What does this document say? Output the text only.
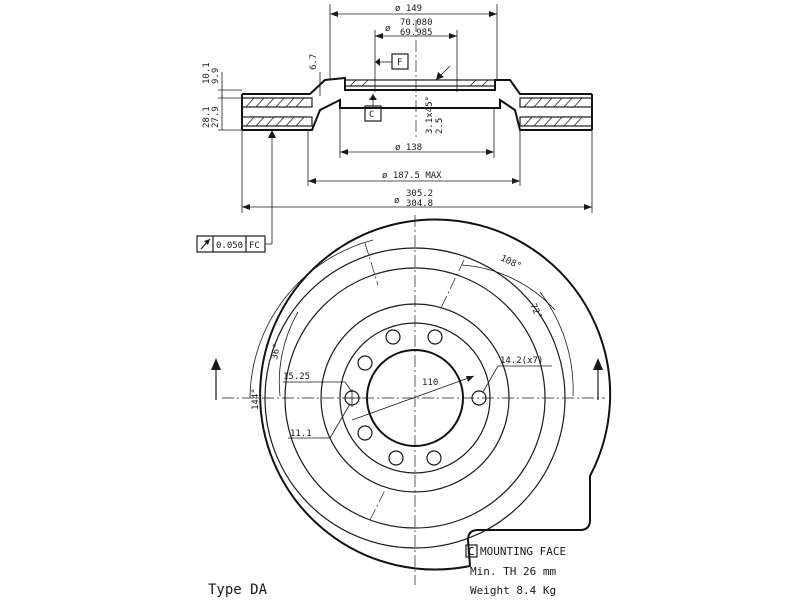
ø 149
ø
70.080
69.985
F
C
6.7
10.1 9.9
28.1 27.9	3.1x45° 2.5
ø 138
ø 187.5 MAX
ø
305.2
304.8
0.050 FC
110
15.25
11.1
14.2(x7)
108°
72°
36°
144°
C MOUNTING FACE
Min. TH 26 mm
Weight 8.4 Kg
Type DA
